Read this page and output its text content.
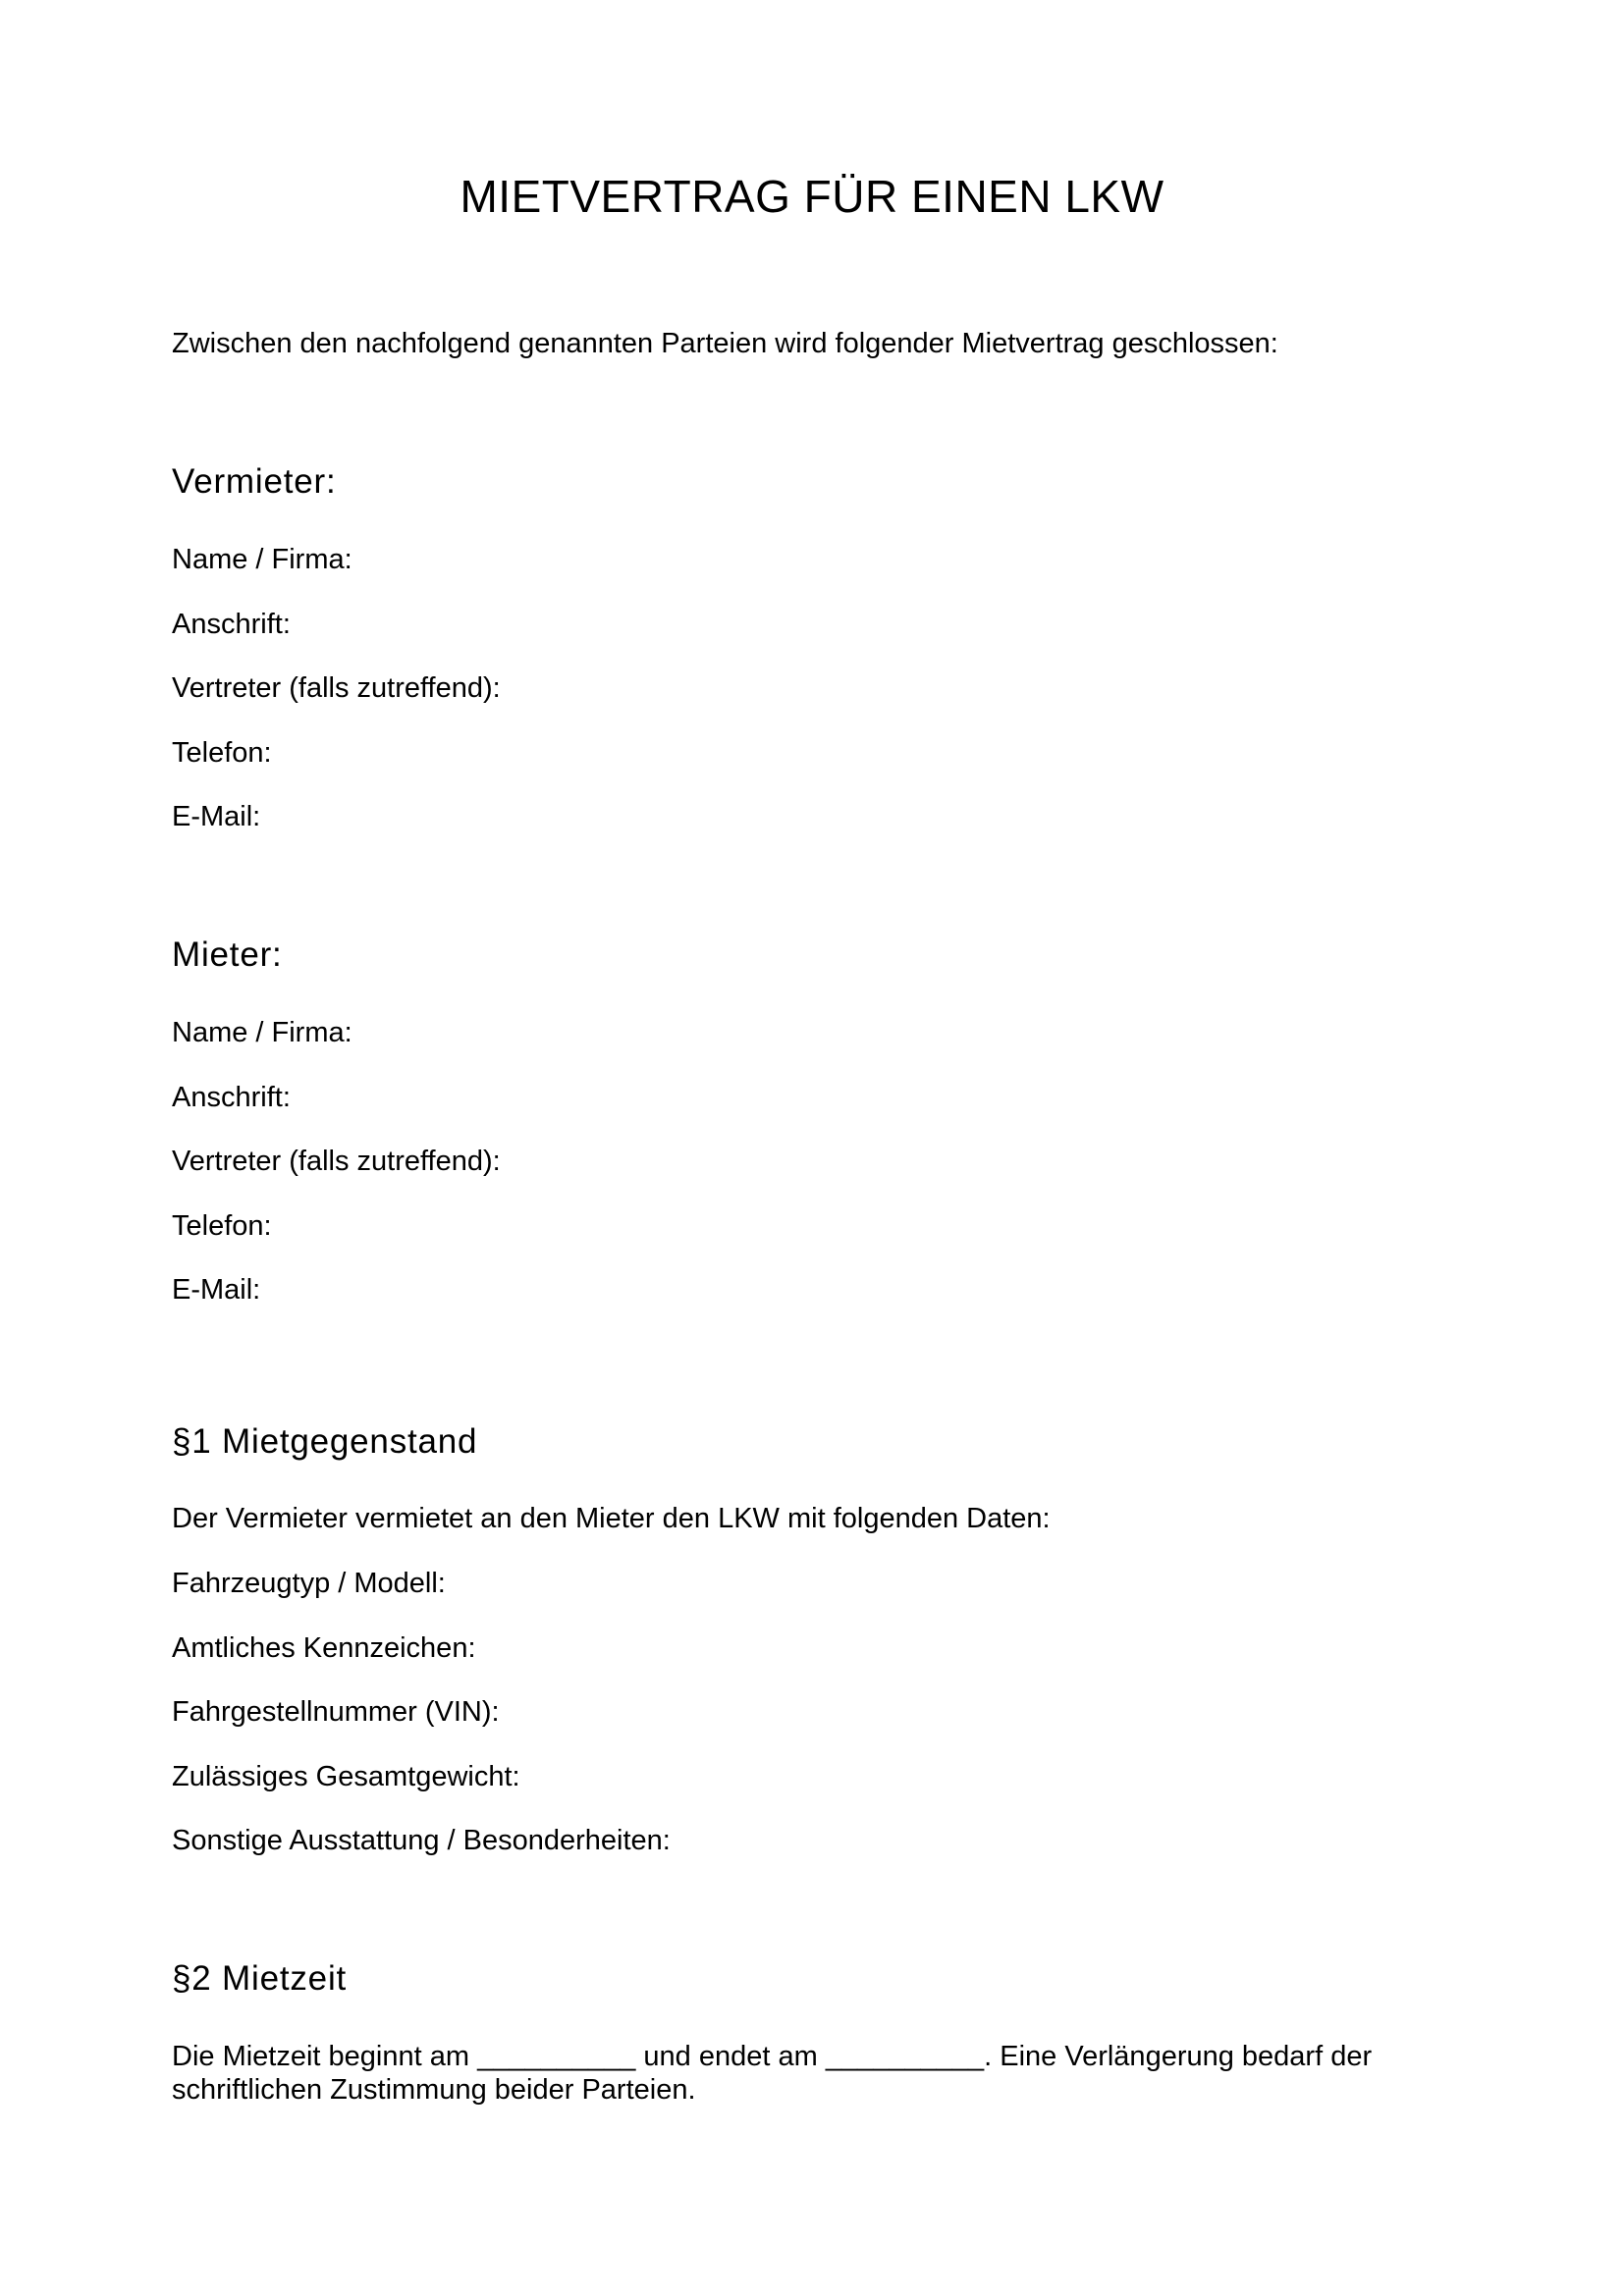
MIETVERTRAG FÜR EINEN LKW

Zwischen den nachfolgend genannten Parteien wird folgender Mietvertrag geschlossen:

Vermieter:
Name / Firma:
Anschrift:
Vertreter (falls zutreffend):
Telefon:
E-Mail:
Mieter:
Name / Firma:
Anschrift:
Vertreter (falls zutreffend):
Telefon:
E-Mail:
§1 Mietgegenstand

Der Vermieter vermietet an den Mieter den LKW mit folgenden Daten:

Fahrzeugtyp / Modell:
Amtliches Kennzeichen:
Fahrgestellnummer (VIN):
Zulässiges Gesamtgewicht:
Sonstige Ausstattung / Besonderheiten:
§2 Mietzeit
Die Mietzeit beginnt am __________ und endet am __________. Eine Verlängerung bedarf der
schriftlichen Zustimmung beider Parteien.
